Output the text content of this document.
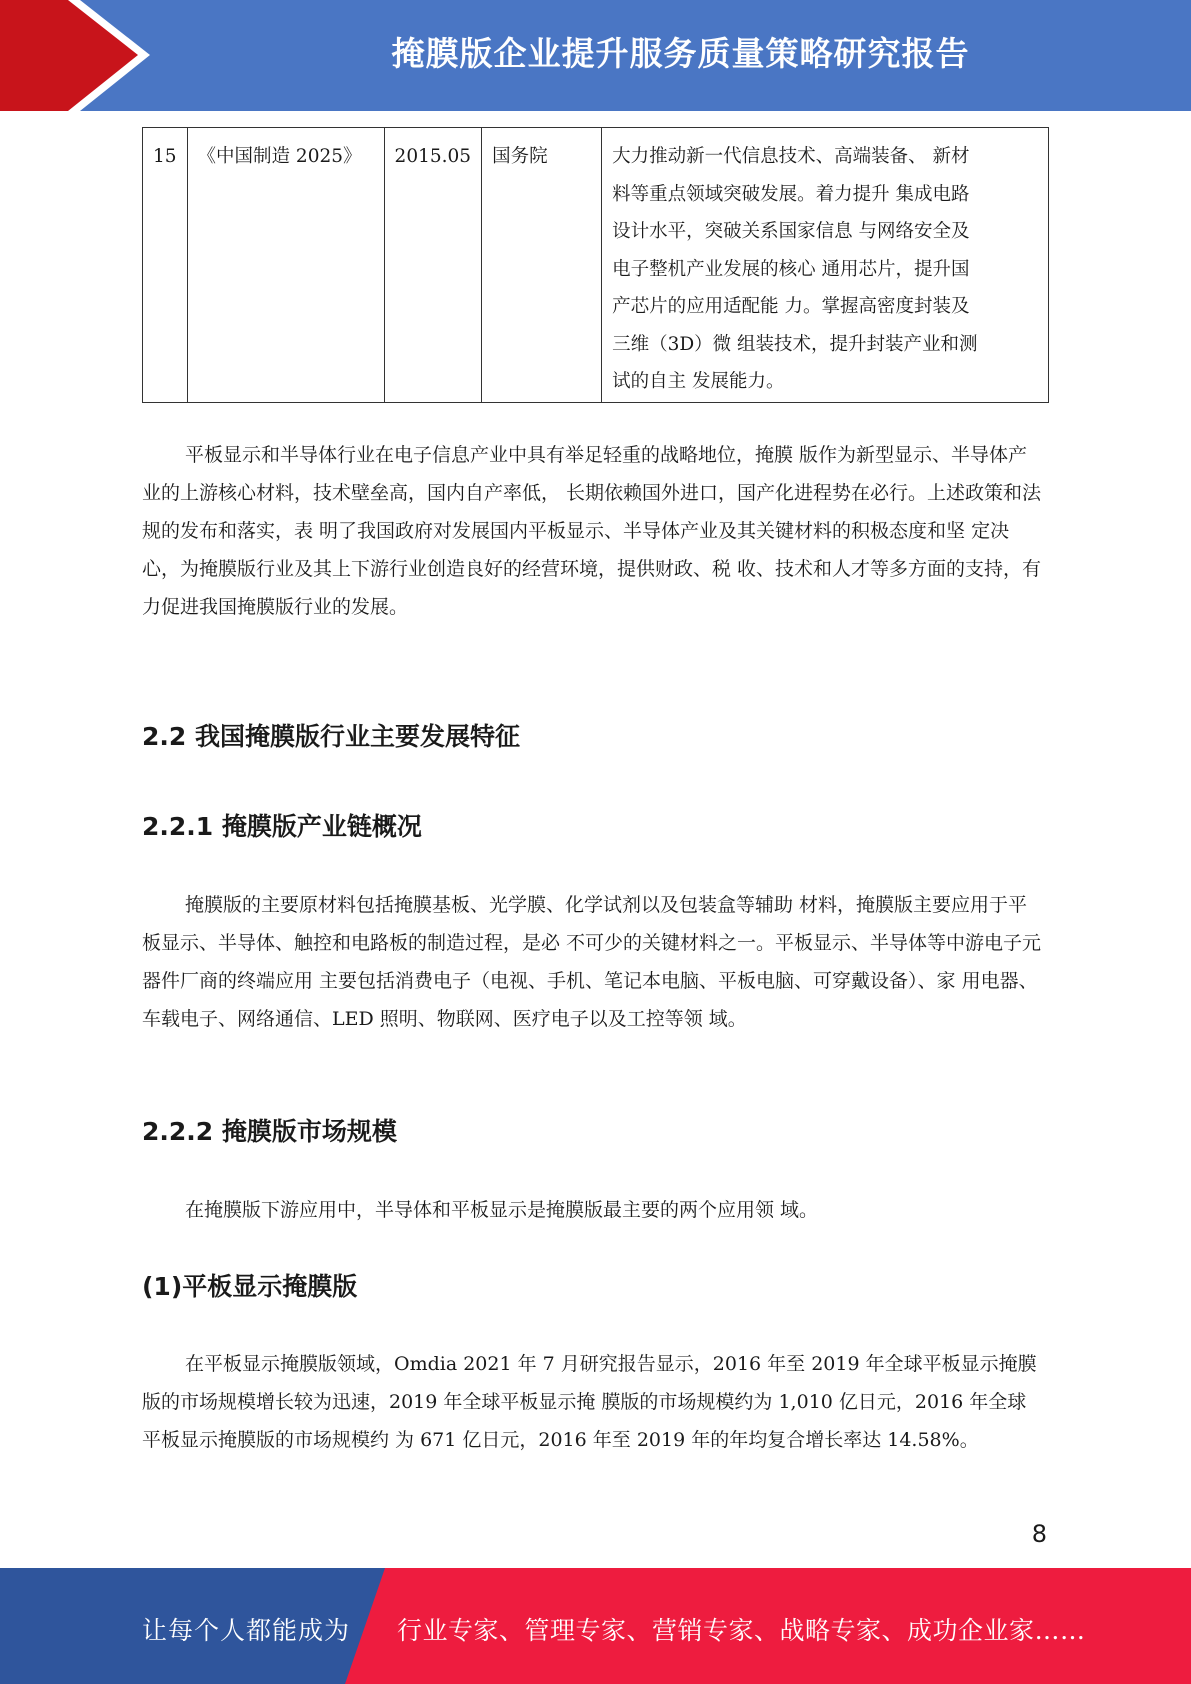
掩膜版企业提升服务质量策略研究报告
15	《中国制造 2025》	2015.05	国务院	大力推动新一代信息技术、高端装备、 新材
料等重点领域突破发展。着力提升 集成电路
设计水平，突破关系国家信息 与网络安全及
电子整机产业发展的核心 通用芯片，提升国
产芯片的应用适配能 力。掌握高密度封装及
三维（3D）微 组装技术，提升封装产业和测
试的自主 发展能力。

平板显示和半导体行业在电子信息产业中具有举足轻重的战略地位，掩膜 版作为新型显示、半导体产业的上游核心材料，技术壁垒高，国内自产率低， 长期依赖国外进口，国产化进程势在必行。上述政策和法规的发布和落实，表 明了我国政府对发展国内平板显示、半导体产业及其关键材料的积极态度和坚 定决心，为掩膜版行业及其上下游行业创造良好的经营环境，提供财政、税 收、技术和人才等多方面的支持，有力促进我国掩膜版行业的发展。

2.2 我国掩膜版行业主要发展特征
2.2.1 掩膜版产业链概况

掩膜版的主要原材料包括掩膜基板、光学膜、化学试剂以及包装盒等辅助 材料，掩膜版主要应用于平板显示、半导体、触控和电路板的制造过程，是必 不可少的关键材料之一。平板显示、半导体等中游电子元器件厂商的终端应用 主要包括消费电子（电视、手机、笔记本电脑、平板电脑、可穿戴设备）、家 用电器、车载电子、网络通信、LED 照明、物联网、医疗电子以及工控等领 域。

2.2.2 掩膜版市场规模

在掩膜版下游应用中，半导体和平板显示是掩膜版最主要的两个应用领 域。

(1)平板显示掩膜版

在平板显示掩膜版领域，Omdia 2021 年 7 月研究报告显示，2016 年至 2019 年全球平板显示掩膜版的市场规模增长较为迅速，2019 年全球平板显示掩 膜版的市场规模约为 1,010 亿日元，2016 年全球平板显示掩膜版的市场规模约 为 671 亿日元，2016 年至 2019 年的年均复合增长率达 14.58%。

8
让每个人都能成为 行业专家、管理专家、营销专家、战略专家、成功企业家……
